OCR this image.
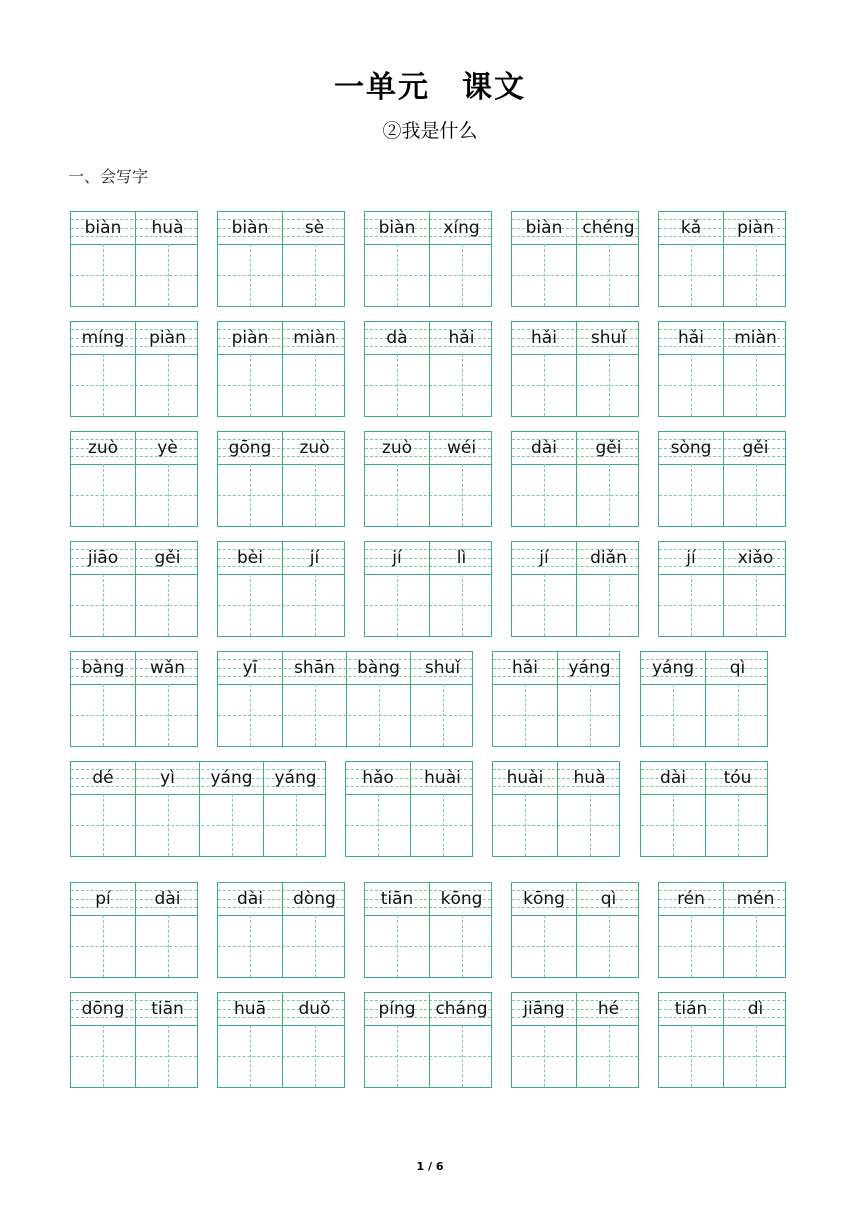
一单元　课文
②我是什么
一、会写字
biàn	huà	biàn	sè	biàn	xíng	biàn	chéng	kǎ	piàn
míng	piàn	piàn	miàn	dà	hǎi	hǎi	shuǐ	hǎi	miàn
zuò	yè	gōng	zuò	zuò	wéi	dài	gěi	sòng	gěi
jiāo	gěi	bèi	jí	jí	lì	jí	diǎn	jí	xiǎo
bàng	wǎn	yī	shān	bàng	shuǐ	hǎi	yáng	yáng	qì
dé	yì	yáng	yáng	hǎo	huài	huài	huà	dài	tóu
pí	dài	dài	dòng	tiān	kōng	kōng	qì	rén	mén
dōng	tiān	huā	duǒ	píng	cháng	jiāng	hé	tián	dì
1 / 6
